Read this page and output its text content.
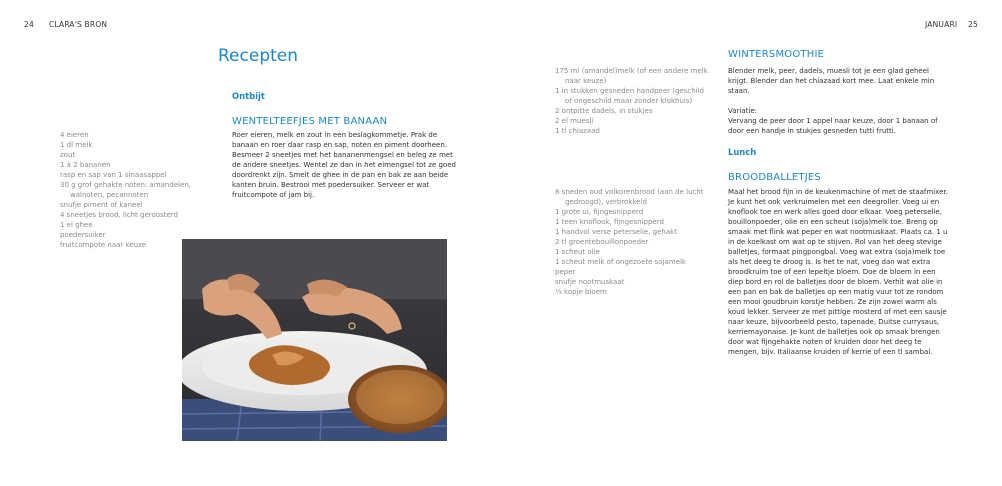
24 CLARA'S BRON	JANUARI 25
Recepten
Ontbijt
WENTELTEEFJES MET BANAAN
4 eieren
1 dl melk
zout
1 à 2 bananen
rasp en sap van 1 sinaasappel
30 g grof gehakte noten: amandelen,
walnoten, pecannoten
snufje piment of kaneel
4 sneetjes brood, licht geroosterd
1 el ghee
poedersuiker
fruitcompote naar keuze

Roer eieren, melk en zout in een beslagkommetje. Prak de banaan en roer daar rasp en sap, noten en piment doorheen. Besmeer 2 sneetjes met het bananenmengsel en beleg ze met de andere sneetjes. Wentel ze dan in het eimengsel tot ze goed doordrenkt zijn. Smelt de ghee in de pan en bak ze aan beide kanten bruin. Bestrooi met poedersuiker. Serveer er wat fruitcompote of jam bij.

175 ml (amandel)melk (of een andere melk
naar keuze)
1 in stukken gesneden handpeer (geschild
of ongeschild maar zonder klokhuis)
2 ontpitte dadels, in stukjes
2 el muesli
1 tl chiazaad
WINTERSMOOTHIE

Blender melk, peer, dadels, muesli tot je een glad geheel krijgt. Blender dan het chiazaad kort mee. Laat enkele min staan.

Variatie:

Vervang de peer door 1 appel naar keuze, door 1 banaan of door een handje in stukjes gesneden tutti frutti.

Lunch
BROODBALLETJES
8 sneden oud volkorenbrood (aan de lucht
gedroogd), verbrokkeld
1 grote ui, fijngesnipperd
1 teen knoflook, fijngesnipperd
1 handvol verse peterselie, gehakt
2 tl groentebouillonpoeder
1 scheut olie
1 scheut melk of ongezoete sojamelk
peper
snufje nootmuskaat
½ kopje bloem

Maal het brood fijn in de keukenmachine of met de staafmixer. Je kunt het ook verkruimelen met een deegroller. Voeg ui en knoflook toe en werk alles goed door elkaar. Voeg peterselie, bouillonpoeder, olie en een scheut (soja)melk toe. Breng op smaak met flink wat peper en wat nootmuskaat. Plaats ca. 1 u in de koelkast om wat op te stijven. Rol van het deeg stevige balletjes, formaat pingpongbal. Voeg wat extra (soja)melk toe als het deeg te droog is. Is het te nat, voeg dan wat extra broodkruim toe of een lepeltje bloem. Doe de bloem in een diep bord en rol de balletjes door de bloem. Verhit wat olie in een pan en bak de balletjes op een matig vuur tot ze rondom een mooi goudbruin korstje hebben. Ze zijn zowel warm als koud lekker. Serveer ze met pittige mosterd of met een sausje naar keuze, bijvoorbeeld pesto, tapenade, Duitse currysaus, kerriemayonaise. Je kunt de balletjes ook op smaak brengen door wat fijngehakte noten of kruiden door het deeg te mengen, bijv. Italiaanse kruiden of kerrie of een tl sambal.
